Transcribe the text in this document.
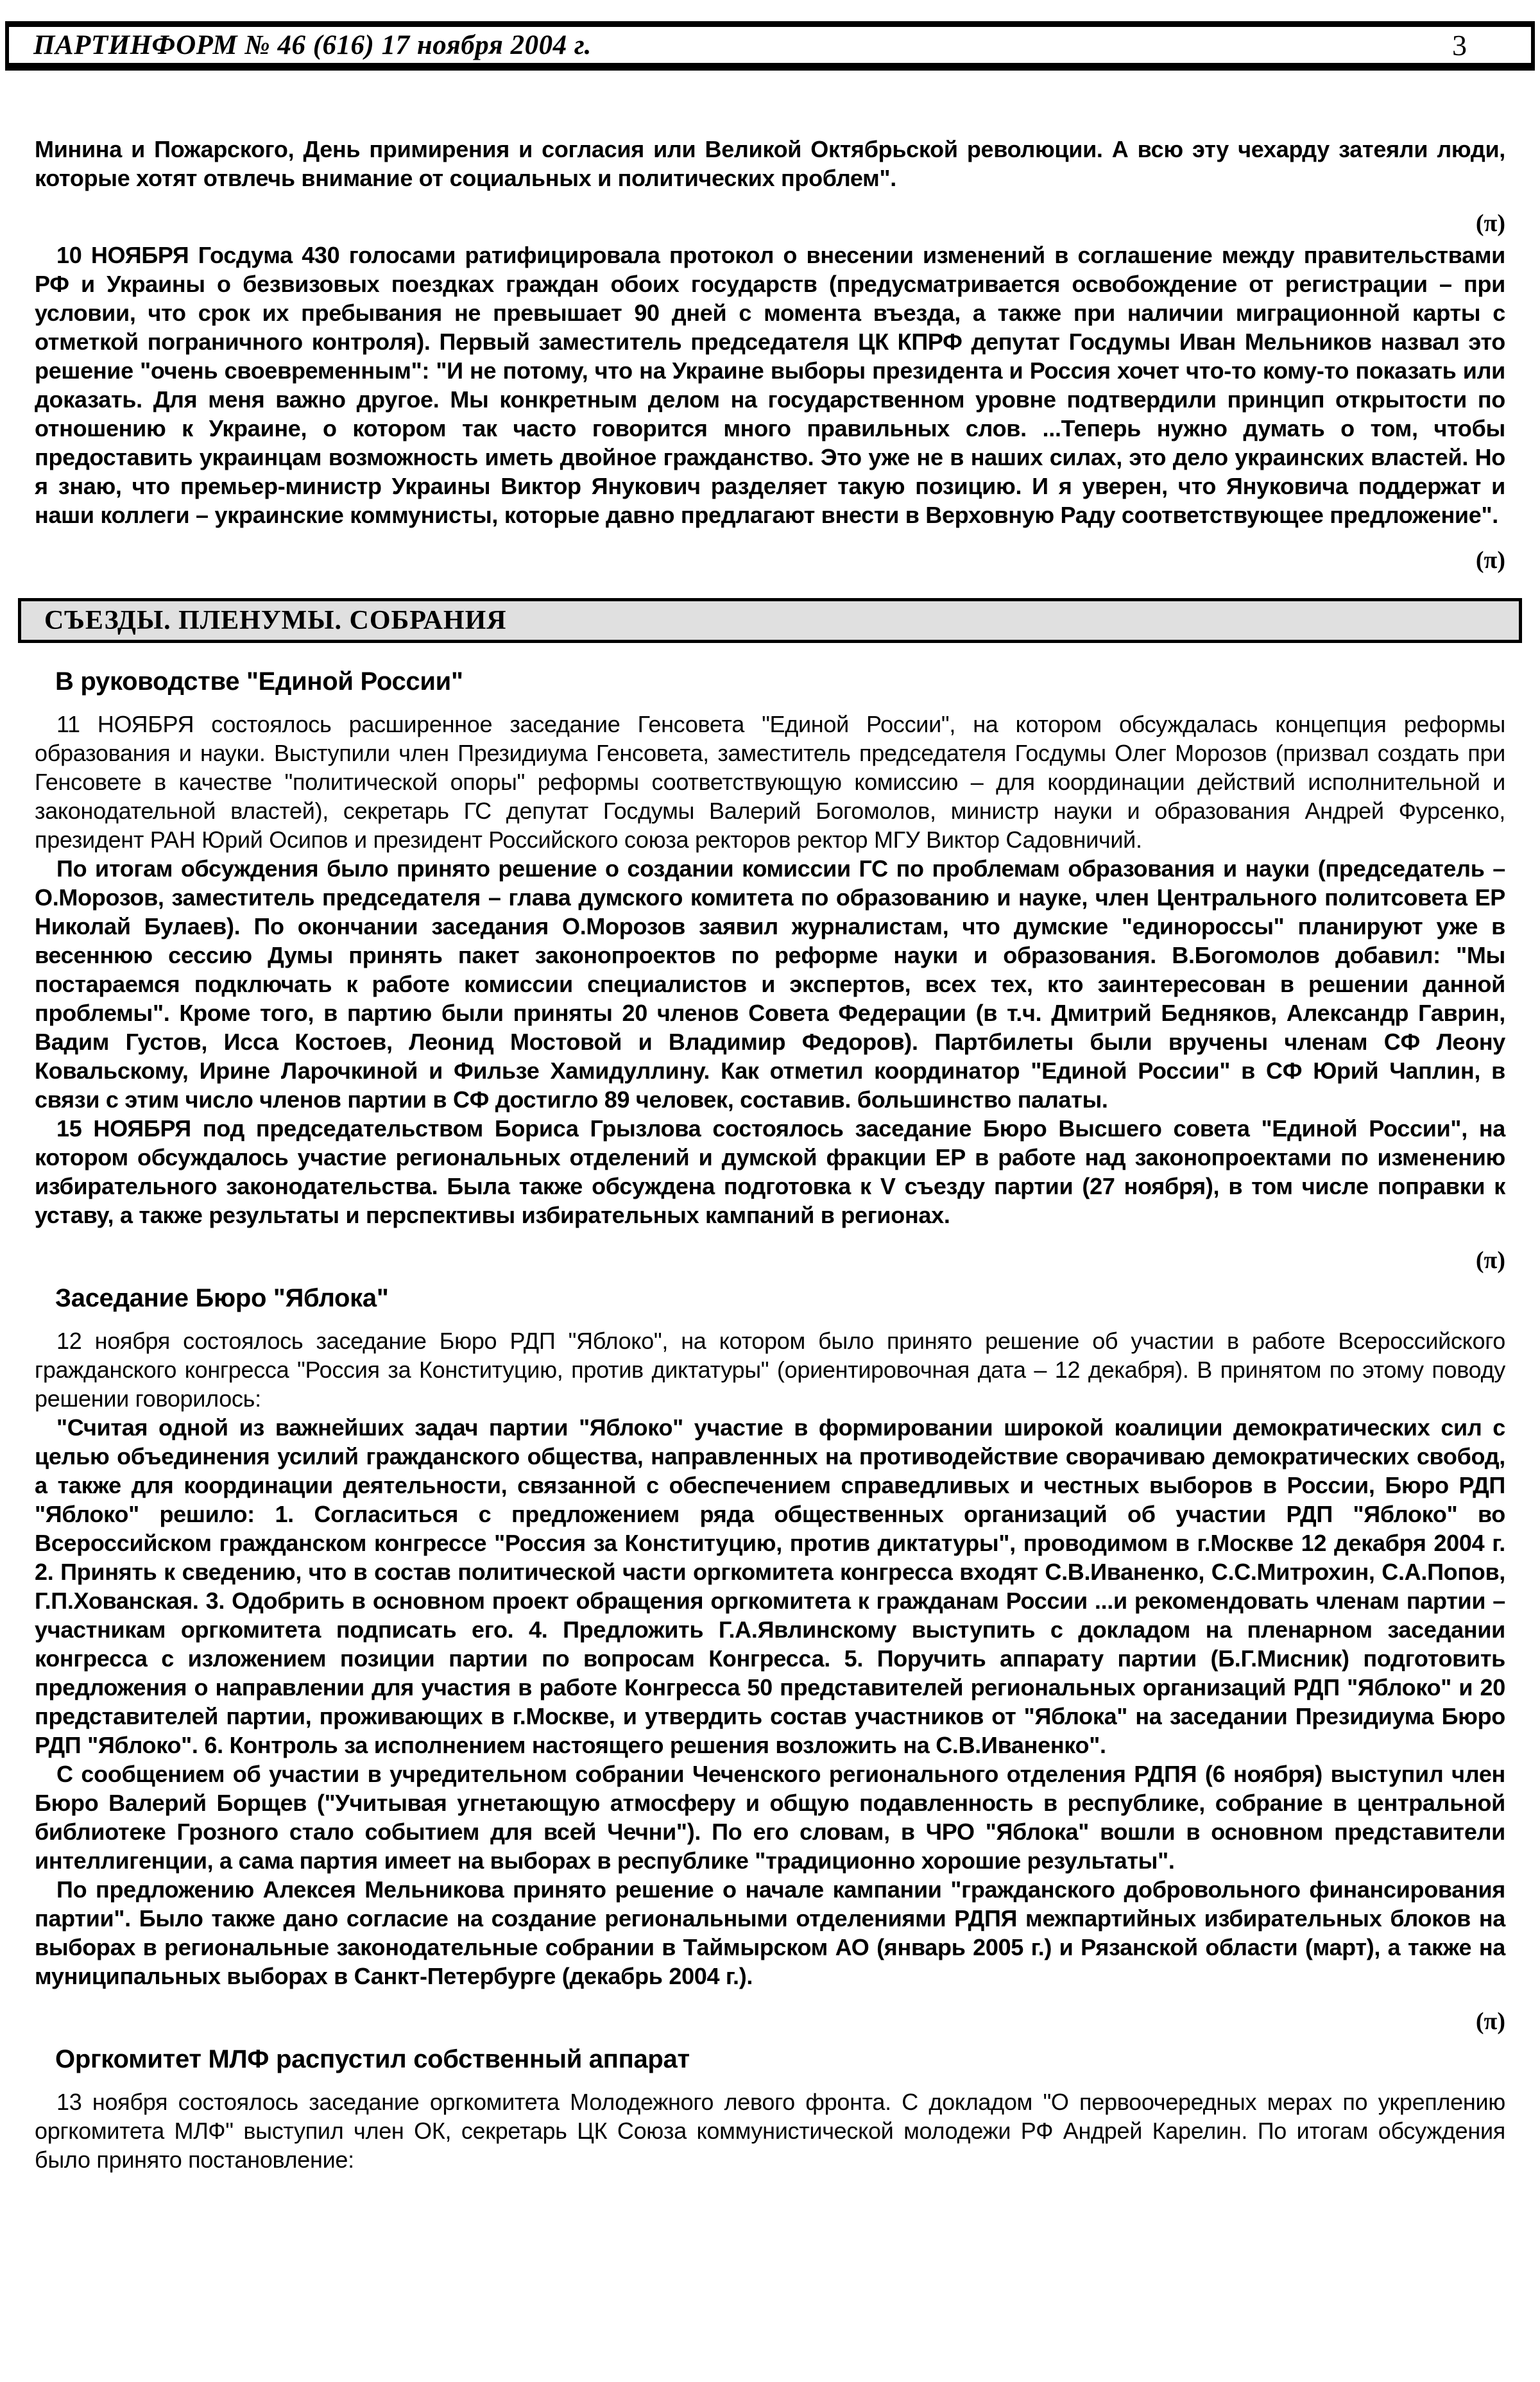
ПАРТИНФОРМ № 46 (616) 17 ноября 2004 г.	3

Минина и Пожарского, День примирения и согласия или Великой Октябрьской революции. А всю эту чехарду затеяли люди, которые хотят отвлечь внимание от социальных и политических проблем".

(π)

10 НОЯБРЯ Госдума 430 голосами ратифицировала протокол о внесении изменений в соглашение между правительствами РФ и Украины о безвизовых поездках граждан обоих государств (предусматривается освобождение от регистрации – при условии, что срок их пребывания не превышает 90 дней с момента въезда, а также при наличии миграционной карты с отметкой пограничного контроля). Первый заместитель председателя ЦК КПРФ депутат Госдумы Иван Мельников назвал это решение "очень своевременным": "И не потому, что на Украине выборы президента и Россия хочет что-то кому-то показать или доказать. Для меня важно другое. Мы конкретным делом на государственном уровне подтвердили принцип открытости по отношению к Украине, о котором так часто говорится много правильных слов. ...Теперь нужно думать о том, чтобы предоставить украинцам возможность иметь двойное гражданство. Это уже не в наших силах, это дело украинских властей. Но я знаю, что премьер-министр Украины Виктор Янукович разделяет такую позицию. И я уверен, что Януковича поддержат и наши коллеги – украинские коммунисты, которые давно предлагают внести в Верховную Раду соответствующее предложение".

(π)
СЪЕЗДЫ. ПЛЕНУМЫ. СОБРАНИЯ
В руководстве "Единой России"

11 НОЯБРЯ состоялось расширенное заседание Генсовета "Единой России", на котором обсуждалась концепция реформы образования и науки. Выступили член Президиума Генсовета, заместитель председателя Госдумы Олег Морозов (призвал создать при Генсовете в качестве "политической опоры" реформы соответствующую комиссию – для координации действий исполнительной и законодательной властей), секретарь ГС депутат Госдумы Валерий Богомолов, министр науки и образования Андрей Фурсенко, президент РАН Юрий Осипов и президент Российского союза ректоров ректор МГУ Виктор Садовничий.

По итогам обсуждения было принято решение о создании комиссии ГС по проблемам образования и науки (председатель – О.Морозов, заместитель председателя – глава думского комитета по образованию и науке, член Центрального политсовета ЕР Николай Булаев). По окончании заседания О.Морозов заявил журналистам, что думские "единороссы" планируют уже в весеннюю сессию Думы принять пакет законопроектов по реформе науки и образования. В.Богомолов добавил: "Мы постараемся подключать к работе комиссии специалистов и экспертов, всех тех, кто заинтересован в решении данной проблемы". Кроме того, в партию были приняты 20 членов Совета Федерации (в т.ч. Дмитрий Бедняков, Александр Гаврин, Вадим Густов, Исса Костоев, Леонид Мостовой и Владимир Федоров). Партбилеты были вручены членам СФ Леону Ковальскому, Ирине Ларочкиной и Фильзе Хамидуллину. Как отметил координатор "Единой России" в СФ Юрий Чаплин, в связи с этим число членов партии в СФ достигло 89 человек, составив. большинство палаты.

15 НОЯБРЯ под председательством Бориса Грызлова состоялось заседание Бюро Высшего совета "Единой России", на котором обсуждалось участие региональных отделений и думской фракции ЕР в работе над законопроектами по изменению избирательного законодательства. Была также обсуждена подготовка к V съезду партии (27 ноября), в том числе поправки к уставу, а также результаты и перспективы избирательных кампаний в регионах.

(π)
Заседание Бюро "Яблока"

12 ноября состоялось заседание Бюро РДП "Яблоко", на котором было принято решение об участии в работе Всероссийского гражданского конгресса "Россия за Конституцию, против диктатуры" (ориентировочная дата – 12 декабря). В принятом по этому поводу решении говорилось:

"Считая одной из важнейших задач партии "Яблоко" участие в формировании широкой коалиции демократических сил с целью объединения усилий гражданского общества, направленных на противодействие сворачиваю демократических свобод, а также для координации деятельности, связанной с обеспечением справедливых и честных выборов в России, Бюро РДП "Яблоко" решило: 1. Согласиться с предложением ряда общественных организаций об участии РДП "Яблоко" во Всероссийском гражданском конгрессе "Россия за Конституцию, против диктатуры", проводимом в г.Москве 12 декабря 2004 г. 2. Принять к сведению, что в состав политической части оргкомитета конгресса входят С.В.Иваненко, С.С.Митрохин, С.А.Попов, Г.П.Хованская. 3. Одобрить в основном проект обращения оргкомитета к гражданам России ...и рекомендовать членам партии – участникам оргкомитета подписать его. 4. Предложить Г.А.Явлинскому выступить с докладом на пленарном заседании конгресса с изложением позиции партии по вопросам Конгресса. 5. Поручить аппарату партии (Б.Г.Мисник) подготовить предложения о направлении для участия в работе Конгресса 50 представителей региональных организаций РДП "Яблоко" и 20 представителей партии, проживающих в г.Москве, и утвердить состав участников от "Яблока" на заседании Президиума Бюро РДП "Яблоко". 6. Контроль за исполнением настоящего решения возложить на С.В.Иваненко".

С сообщением об участии в учредительном собрании Чеченского регионального отделения РДПЯ (6 ноября) выступил член Бюро Валерий Борщев ("Учитывая угнетающую атмосферу и общую подавленность в республике, собрание в центральной библиотеке Грозного стало событием для всей Чечни"). По его словам, в ЧРО "Яблока" вошли в основном представители интеллигенции, а сама партия имеет на выборах в республике "традиционно хорошие результаты".

По предложению Алексея Мельникова принято решение о начале кампании "гражданского добровольного финансирования партии". Было также дано согласие на создание региональными отделениями РДПЯ межпартийных избирательных блоков на выборах в региональные законодательные собрании в Таймырском АО (январь 2005 г.) и Рязанской области (март), а также на муниципальных выборах в Санкт-Петербурге (декабрь 2004 г.).

(π)
Оргкомитет МЛФ распустил собственный аппарат

13 ноября состоялось заседание оргкомитета Молодежного левого фронта. С докладом "О первоочередных мерах по укреплению оргкомитета МЛФ" выступил член ОК, секретарь ЦК Союза коммунистической молодежи РФ Андрей Карелин. По итогам обсуждения было принято постановление:
